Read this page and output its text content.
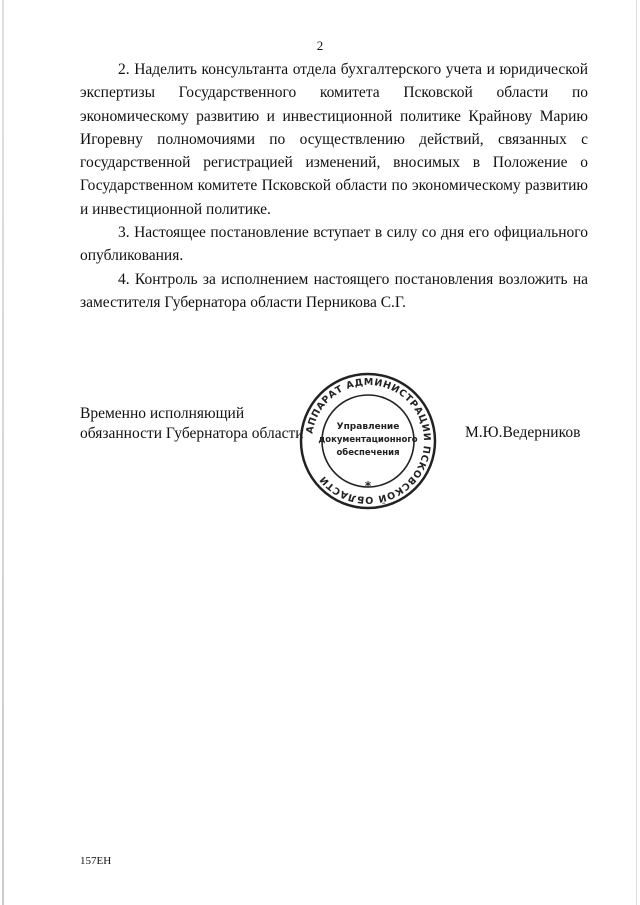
2

2. Наделить консультанта отдела бухгалтерского учета и юридической экспертизы Государственного комитета Псковской области по экономическому развитию и инвестиционной политике Крайнову Марию Игоревну полномочиями по осуществлению действий, связанных с государственной регистрацией изменений, вносимых в Положение о Государственном комитете Псковской области по экономическому развитию и инвестиционной политике.

3. Настоящее постановление вступает в силу со дня его официального опубликования.

4. Контроль за исполнением настоящего постановления возложить на заместителя Губернатора области Перникова С.Г.

Временно исполняющий
обязанности Губернатора области АППАРАТ АДМИНИСТРАЦИИ ПСКОВСКОЙ ОБЛАСТИ
Управление
документационного
обеспечения
*
М.Ю.Ведерников
157ЕН
